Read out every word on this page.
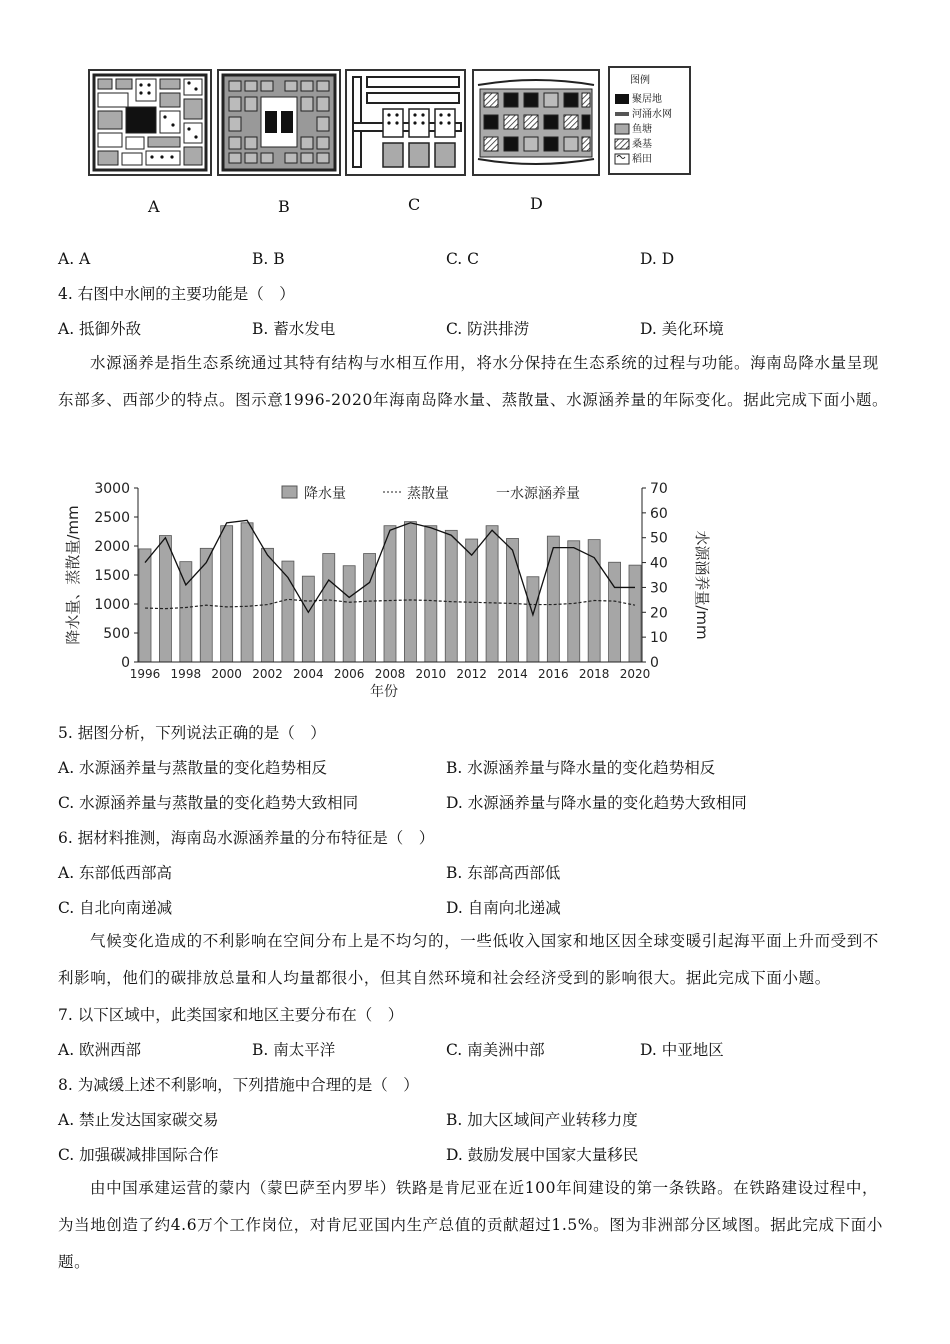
图例
聚居地
河涌水网
鱼塘
桑基
稻田
A	B	C	D
A. A	B. B	C. C	D. D
4. 右图中水闸的主要功能是（　）
A. 抵御外敌	B. 蓄水发电	C. 防洪排涝	D. 美化环境
水源涵养是指生态系统通过其特有结构与水相互作用，将水分保持在生态系统的过程与功能。海南岛降水量呈现东部多、西部少的特点。图示意1996-2020年海南岛降水量、蒸散量、水源涵养量的年际变化。据此完成下面小题。
0
500
1000
1500
2000
2500
3000
0
10
20
30
40
50
60
70
1996 1998 2000 2002 2004 2006 2008 2010 2012 2014 2016 2018 2020
年份
降水量、蒸散量/mm	水源涵养量/mm
降水量	蒸散量	一水源涵养量
5. 据图分析，下列说法正确的是（　）
A. 水源涵养量与蒸散量的变化趋势相反	B. 水源涵养量与降水量的变化趋势相反
C. 水源涵养量与蒸散量的变化趋势大致相同	D. 水源涵养量与降水量的变化趋势大致相同
6. 据材料推测，海南岛水源涵养量的分布特征是（　）
A. 东部低西部高	B. 东部高西部低
C. 自北向南递减	D. 自南向北递减
气候变化造成的不利影响在空间分布上是不均匀的，一些低收入国家和地区因全球变暖引起海平面上升而受到不利影响，他们的碳排放总量和人均量都很小，但其自然环境和社会经济受到的影响很大。据此完成下面小题。
7. 以下区域中，此类国家和地区主要分布在（　）
A. 欧洲西部	B. 南太平洋	C. 南美洲中部	D. 中亚地区
8. 为减缓上述不利影响，下列措施中合理的是（　）
A. 禁止发达国家碳交易	B. 加大区域间产业转移力度
C. 加强碳减排国际合作	D. 鼓励发展中国家大量移民
由中国承建运营的蒙内（蒙巴萨至内罗毕）铁路是肯尼亚在近100年间建设的第一条铁路。在铁路建设过程中，为当地创造了约4.6万个工作岗位，对肯尼亚国内生产总值的贡献超过1.5%。图为非洲部分区域图。据此完成下面小题。
